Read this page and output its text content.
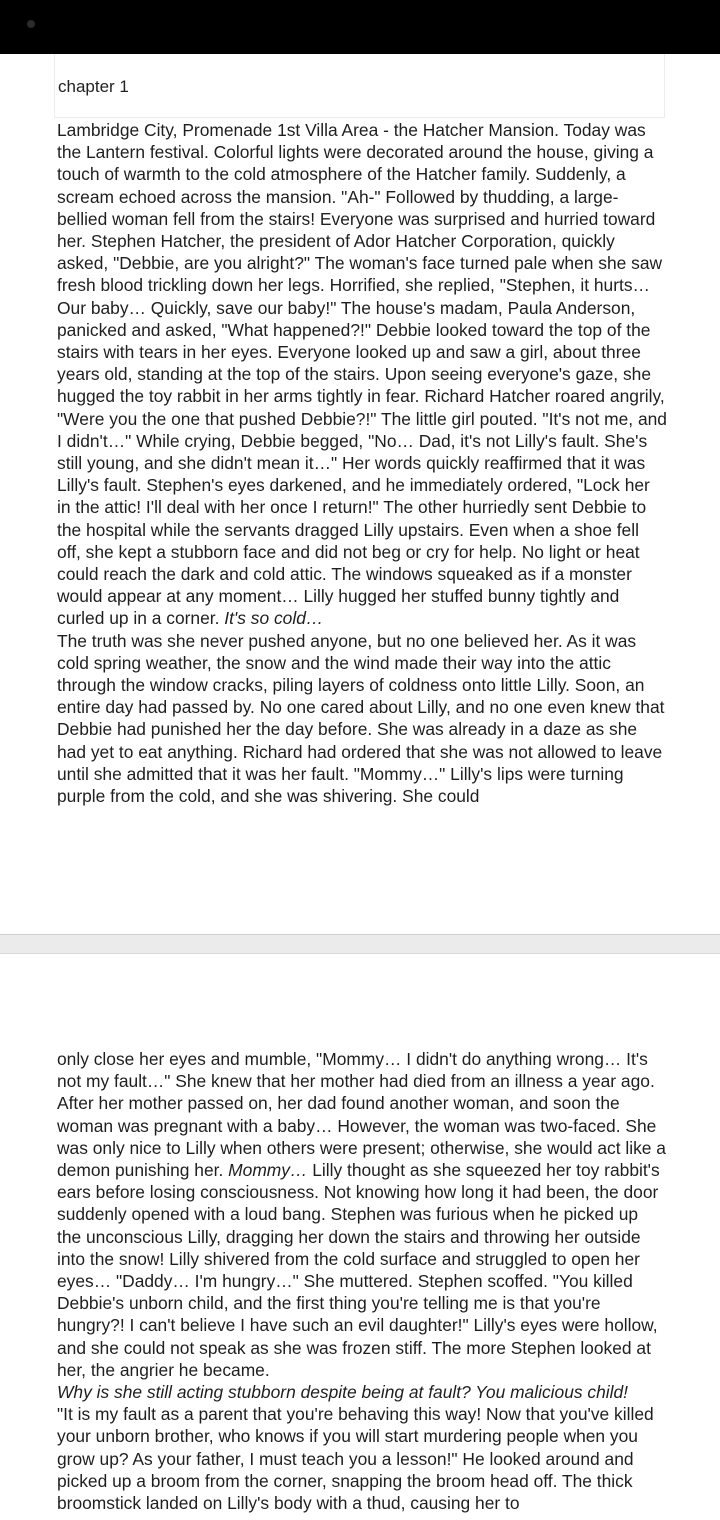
chapter 1
Lambridge City, Promenade 1st Villa Area - the Hatcher Mansion. Today was the Lantern festival. Colorful lights were decorated around the house, giving a touch of warmth to the cold atmosphere of the Hatcher family. Suddenly, a scream echoed across the mansion. "Ah-" Followed by thudding, a large-bellied woman fell from the stairs! Everyone was surprised and hurried toward her. Stephen Hatcher, the president of Ador Hatcher Corporation, quickly asked, "Debbie, are you alright?" The woman's face turned pale when she saw fresh blood trickling down her legs. Horrified, she replied, "Stephen, it hurts… Our baby… Quickly, save our baby!" The house's madam, Paula Anderson, panicked and asked, "What happened?!" Debbie looked toward the top of the stairs with tears in her eyes. Everyone looked up and saw a girl, about three years old, standing at the top of the stairs. Upon seeing everyone's gaze, she hugged the toy rabbit in her arms tightly in fear. Richard Hatcher roared angrily, "Were you the one that pushed Debbie?!" The little girl pouted. "It's not me, and I didn't…" While crying, Debbie begged, "No… Dad, it's not Lilly's fault. She's still young, and she didn't mean it…" Her words quickly reaffirmed that it was Lilly's fault. Stephen's eyes darkened, and he immediately ordered, "Lock her in the attic! I'll deal with her once I return!" The other hurriedly sent Debbie to the hospital while the servants dragged Lilly upstairs. Even when a shoe fell off, she kept a stubborn face and did not beg or cry for help. No light or heat could reach the dark and cold attic. The windows squeaked as if a monster would appear at any moment… Lilly hugged her stuffed bunny tightly and curled up in a corner. It's so cold…
The truth was she never pushed anyone, but no one believed her. As it was cold spring weather, the snow and the wind made their way into the attic through the window cracks, piling layers of coldness onto little Lilly. Soon, an entire day had passed by. No one cared about Lilly, and no one even knew that Debbie had punished her the day before. She was already in a daze as she had yet to eat anything. Richard had ordered that she was not allowed to leave until she admitted that it was her fault. "Mommy…" Lilly's lips were turning purple from the cold, and she was shivering. She could
only close her eyes and mumble, "Mommy… I didn't do anything wrong… It's not my fault…" She knew that her mother had died from an illness a year ago. After her mother passed on, her dad found another woman, and soon the woman was pregnant with a baby… However, the woman was two-faced. She was only nice to Lilly when others were present; otherwise, she would act like a demon punishing her. Mommy… Lilly thought as she squeezed her toy rabbit's ears before losing consciousness. Not knowing how long it had been, the door suddenly opened with a loud bang. Stephen was furious when he picked up the unconscious Lilly, dragging her down the stairs and throwing her outside into the snow! Lilly shivered from the cold surface and struggled to open her eyes… "Daddy… I'm hungry…" She muttered. Stephen scoffed. "You killed Debbie's unborn child, and the first thing you're telling me is that you're hungry?! I can't believe I have such an evil daughter!" Lilly's eyes were hollow, and she could not speak as she was frozen stiff. The more Stephen looked at her, the angrier he became.
Why is she still acting stubborn despite being at fault? You malicious child!
"It is my fault as a parent that you're behaving this way! Now that you've killed your unborn brother, who knows if you will start murdering people when you grow up? As your father, I must teach you a lesson!" He looked around and picked up a broom from the corner, snapping the broom head off. The thick broomstick landed on Lilly's body with a thud, causing her to
